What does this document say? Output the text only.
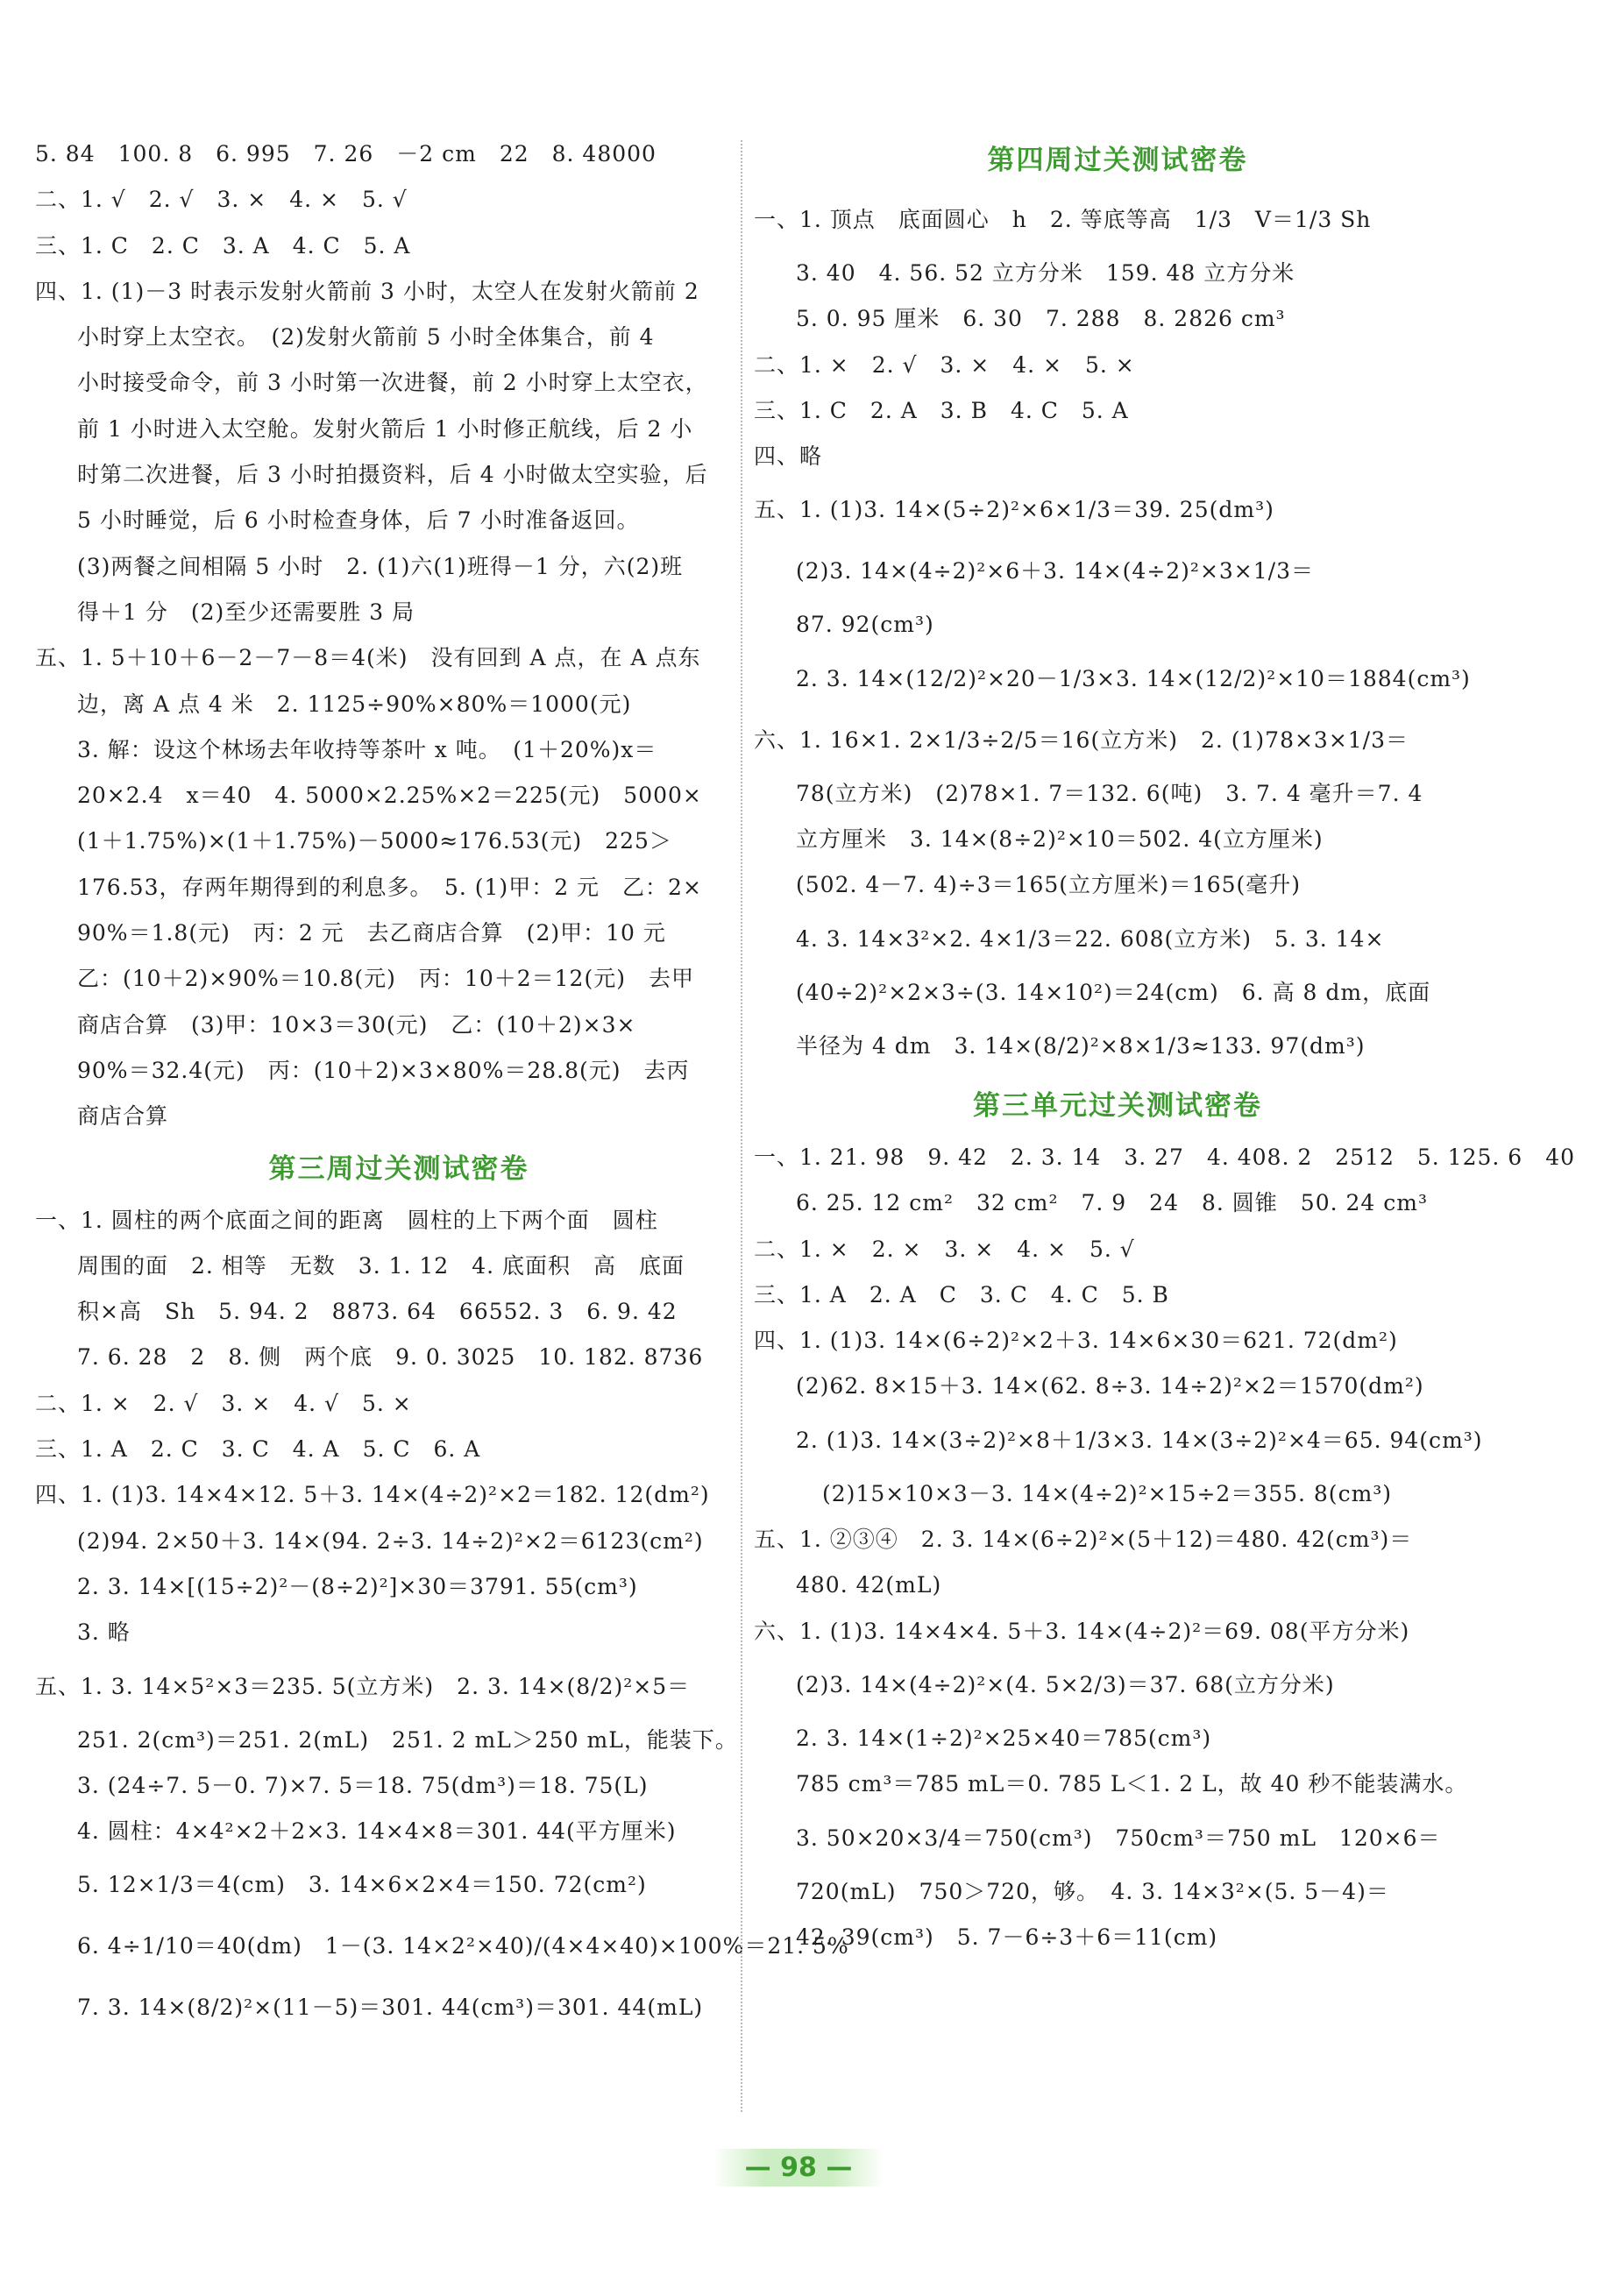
5. 84　100. 8　6. 995　7. 26　－2 cm　22　8. 48000
二、1. √　2. √　3. ×　4. ×　5. √
三、1. C　2. C　3. A　4. C　5. A
四、1. (1)－3 时表示发射火箭前 3 小时，太空人在发射火箭前 2
小时穿上太空衣。　(2)发射火箭前 5 小时全体集合，前 4
小时接受命令，前 3 小时第一次进餐，前 2 小时穿上太空衣，
前 1 小时进入太空舱。发射火箭后 1 小时修正航线，后 2 小
时第二次进餐，后 3 小时拍摄资料，后 4 小时做太空实验，后
5 小时睡觉，后 6 小时检查身体，后 7 小时准备返回。
(3)两餐之间相隔 5 小时　2. (1)六(1)班得－1 分，六(2)班
得＋1 分　(2)至少还需要胜 3 局
五、1. 5＋10＋6－2－7－8＝4(米)　没有回到 A 点，在 A 点东
边，离 A 点 4 米　2. 1125÷90%×80%＝1000(元)
3. 解：设这个林场去年收持等茶叶 x 吨。　(1＋20%)x＝
20×2.4　x＝40　4. 5000×2.25%×2＝225(元)　5000×
(1＋1.75%)×(1＋1.75%)－5000≈176.53(元)　225＞
176.53，存两年期得到的利息多。　5. (1)甲：2 元　乙：2×
90%＝1.8(元)　丙：2 元　去乙商店合算　(2)甲：10 元
乙：(10＋2)×90%＝10.8(元)　丙：10＋2＝12(元)　去甲
商店合算　(3)甲：10×3＝30(元)　乙：(10＋2)×3×
90%＝32.4(元)　丙：(10＋2)×3×80%＝28.8(元)　去丙
商店合算
第三周过关测试密卷
一、1. 圆柱的两个底面之间的距离　圆柱的上下两个面　圆柱
周围的面　2. 相等　无数　3. 1. 12　4. 底面积　高　底面
积×高　Sh　5. 94. 2　8873. 64　66552. 3　6. 9. 42
7. 6. 28　2　8. 侧　两个底　9. 0. 3025　10. 182. 8736
二、1. ×　2. √　3. ×　4. √　5. ×
三、1. A　2. C　3. C　4. A　5. C　6. A
四、1. (1)3. 14×4×12. 5＋3. 14×(4÷2)²×2＝182. 12(dm²)
(2)94. 2×50＋3. 14×(94. 2÷3. 14÷2)²×2＝6123(cm²)
2. 3. 14×[(15÷2)²－(8÷2)²]×30＝3791. 55(cm³)
3. 略
五、1. 3. 14×5²×3＝235. 5(立方米)　2. 3. 14×(8/2)²×5＝
251. 2(cm³)＝251. 2(mL)　251. 2 mL＞250 mL，能装下。
3. (24÷7. 5－0. 7)×7. 5＝18. 75(dm³)＝18. 75(L)
4. 圆柱：4×4²×2＋2×3. 14×4×8＝301. 44(平方厘米)
5. 12×1/3＝4(cm)　3. 14×6×2×4＝150. 72(cm²)
6. 4÷1/10＝40(dm)　1－(3. 14×2²×40)/(4×4×40)×100%＝21. 5%
7. 3. 14×(8/2)²×(11－5)＝301. 44(cm³)＝301. 44(mL)
第四周过关测试密卷
一、1. 顶点　底面圆心　h　2. 等底等高　1/3　V＝1/3 Sh
3. 40　4. 56. 52 立方分米　159. 48 立方分米
5. 0. 95 厘米　6. 30　7. 288　8. 2826 cm³
二、1. ×　2. √　3. ×　4. ×　5. ×
三、1. C　2. A　3. B　4. C　5. A
四、略
五、1. (1)3. 14×(5÷2)²×6×1/3＝39. 25(dm³)
(2)3. 14×(4÷2)²×6＋3. 14×(4÷2)²×3×1/3＝
87. 92(cm³)
2. 3. 14×(12/2)²×20－1/3×3. 14×(12/2)²×10＝1884(cm³)
六、1. 16×1. 2×1/3÷2/5＝16(立方米)　2. (1)78×3×1/3＝
78(立方米)　(2)78×1. 7＝132. 6(吨)　3. 7. 4 毫升＝7. 4
立方厘米　3. 14×(8÷2)²×10＝502. 4(立方厘米)
(502. 4－7. 4)÷3＝165(立方厘米)＝165(毫升)
4. 3. 14×3²×2. 4×1/3＝22. 608(立方米)　5. 3. 14×
(40÷2)²×2×3÷(3. 14×10²)＝24(cm)　6. 高 8 dm，底面
半径为 4 dm　3. 14×(8/2)²×8×1/3≈133. 97(dm³)
第三单元过关测试密卷
一、1. 21. 98　9. 42　2. 3. 14　3. 27　4. 408. 2　2512　5. 125. 6　40
6. 25. 12 cm²　32 cm²　7. 9　24　8. 圆锥　50. 24 cm³
二、1. ×　2. ×　3. ×　4. ×　5. √
三、1. A　2. A　C　3. C　4. C　5. B
四、1. (1)3. 14×(6÷2)²×2＋3. 14×6×30＝621. 72(dm²)
(2)62. 8×15＋3. 14×(62. 8÷3. 14÷2)²×2＝1570(dm²)
2. (1)3. 14×(3÷2)²×8＋1/3×3. 14×(3÷2)²×4＝65. 94(cm³)
(2)15×10×3－3. 14×(4÷2)²×15÷2＝355. 8(cm³)
五、1. ②③④　2. 3. 14×(6÷2)²×(5＋12)＝480. 42(cm³)＝
480. 42(mL)
六、1. (1)3. 14×4×4. 5＋3. 14×(4÷2)²＝69. 08(平方分米)
(2)3. 14×(4÷2)²×(4. 5×2/3)＝37. 68(立方分米)
2. 3. 14×(1÷2)²×25×40＝785(cm³)
785 cm³＝785 mL＝0. 785 L＜1. 2 L，故 40 秒不能装满水。
3. 50×20×3/4＝750(cm³)　750cm³＝750 mL　120×6＝
720(mL)　750＞720，够。　4. 3. 14×3²×(5. 5－4)＝
42. 39(cm³)　5. 7－6÷3＋6＝11(cm)
— 98 —
